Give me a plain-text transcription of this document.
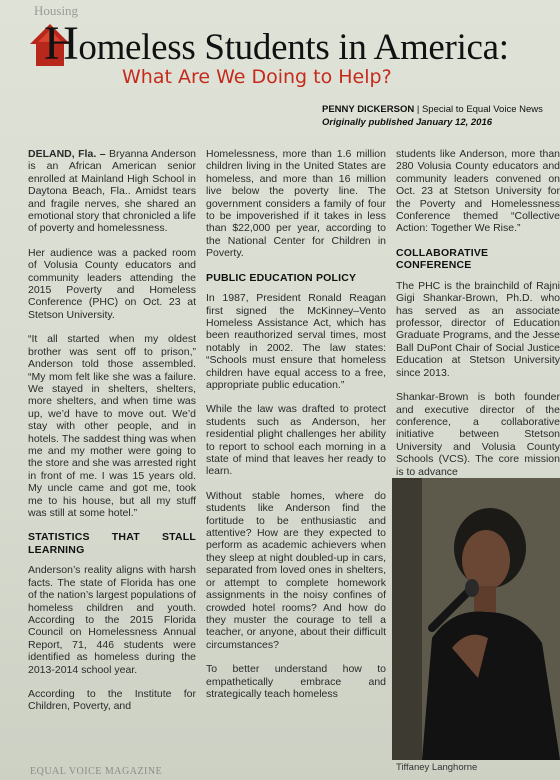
Housing
Homeless Students in America:
What Are We Doing to Help?
PENNY DICKERSON | Special to Equal Voice News
Originally published January 12, 2016

DELAND, Fla. – Bryanna Anderson is an African American senior enrolled at Mainland High School in Daytona Beach, Fla.. Amidst tears and fragile nerves, she shared an emotional story that chronicled a life of poverty and homelessness.

Her audience was a packed room of Volusia County educators and community leaders attending the 2015 Poverty and Homeless Conference (PHC) on Oct. 23 at Stetson University.

“It all started when my oldest brother was sent off to prison,” Anderson told those assembled. “My mom felt like she was a failure. We stayed in shelters, shelters, more shelters, and when time was up, we’d have to move out. We’d stay with other people, and in hotels. The saddest thing was when me and my mother were going to the store and she was arrested right in front of me. I was 15 years old. My uncle came and got me, took me to his house, but all my stuff was still at some hotel.”

STATISTICS THAT STALL LEARNING

Anderson’s reality aligns with harsh facts. The state of Florida has one of the nation’s largest populations of homeless children and youth. According to the 2015 Florida Council on Homelessness Annual Report, 71, 446 students were identified as homeless during the 2013-2014 school year.

According to the Institute for Children, Poverty, and

Homelessness, more than 1.6 million children living in the United States are homeless, and more than 16 million live below the poverty line. The government considers a family of four to be impoverished if it takes in less than $22,000 per year, according to the National Center for Children in Poverty.

PUBLIC EDUCATION POLICY

In 1987, President Ronald Reagan first signed the McKinney–Vento Homeless Assistance Act, which has been reauthorized serval times, most notably in 2002. The law states: “Schools must ensure that homeless children have equal access to a free, appropriate public education.”

While the law was drafted to protect students such as Anderson, her residential plight challenges her ability to report to school each morning in a state of mind that leaves her ready to learn.

Without stable homes, where do students like Anderson find the fortitude to be enthusiastic and attentive? How are they expected to perform as academic achievers when they sleep at night doubled-up in cars, separated from loved ones in shelters, or attempt to complete homework assignments in the noisy confines of crowded hotel rooms? And how do they muster the courage to tell a teacher, or anyone, about their difficult circumstances?

To better understand how to empathetically embrace and strategically teach homeless

students like Anderson, more than 280 Volusia County educators and community leaders convened on Oct. 23 at Stetson University for the Poverty and Homelessness Conference themed “Collective Action: Together We Rise.”

COLLABORATIVE CONFERENCE

The PHC is the brainchild of Rajni Gigi Shankar-Brown, Ph.D. who has served as an associate professor, director of Education Graduate Programs, and the Jesse Ball DuPont Chair of Social Justice Education at Stetson University since 2013.

Shankar-Brown is both founder and executive director of the conference, a collaborative initiative between Stetson University and Volusia County Schools (VCS). The core mission is to advance

Tiffaney Langhorne
EQUAL VOICE MAGAZINE
